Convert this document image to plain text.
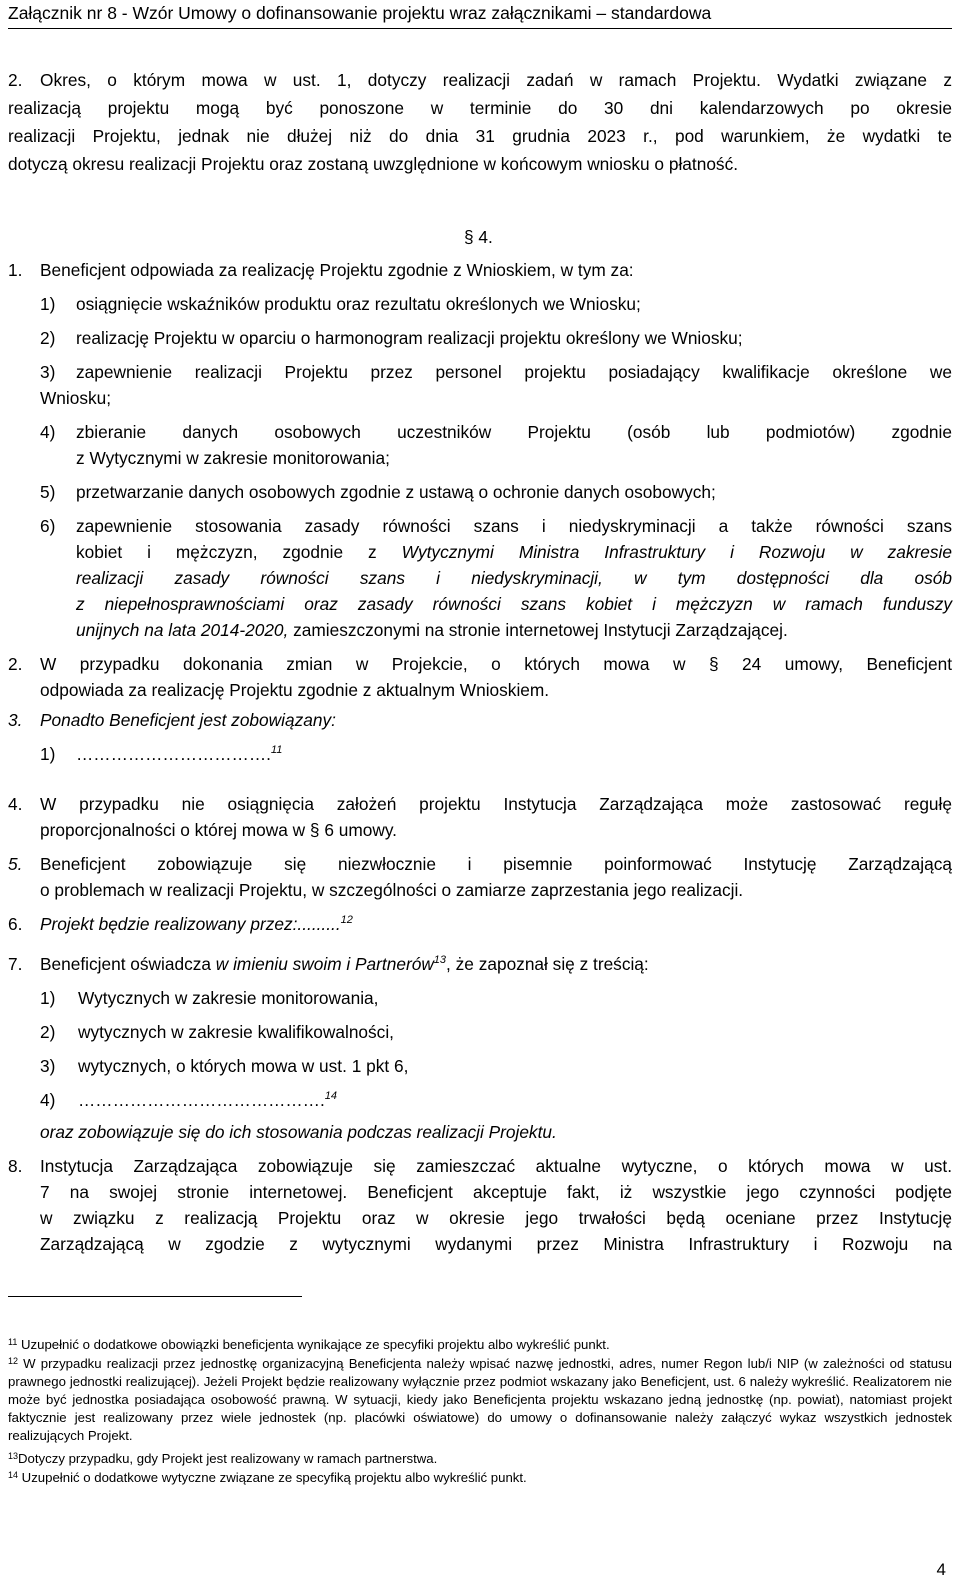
Załącznik nr 8 - Wzór Umowy o dofinansowanie projektu wraz załącznikami – standardowa
2. Okres, o którym mowa w ust. 1, dotyczy realizacji zadań w ramach Projektu. Wydatki związane z
realizacją projektu mogą być ponoszone w terminie do 30 dni kalendarzowych po okresie
realizacji Projektu, jednak nie dłużej niż do dnia 31 grudnia 2023 r., pod warunkiem, że wydatki te
dotyczą okresu realizacji Projektu oraz zostaną uwzględnione w końcowym wniosku o płatność.
§ 4.
1. Beneficjent odpowiada za realizację Projektu zgodnie z Wnioskiem, w tym za:
1) osiągnięcie wskaźników produktu oraz rezultatu określonych we Wniosku;
2) realizację Projektu w oparciu o harmonogram realizacji projektu określony we Wniosku;
3) zapewnienie realizacji Projektu przez personel projektu posiadający kwalifikacje określone we
Wniosku;
4) zbieranie danych osobowych uczestników Projektu (osób lub podmiotów) zgodnie
z Wytycznymi w zakresie monitorowania;
5) przetwarzanie danych osobowych zgodnie z ustawą o ochronie danych osobowych;
6) zapewnienie stosowania zasady równości szans i niedyskryminacji a także równości szans
kobiet i mężczyzn, zgodnie z Wytycznymi Ministra Infrastruktury i Rozwoju w zakresie
realizacji zasady równości szans i niedyskryminacji, w tym dostępności dla osób
z niepełnosprawnościami oraz zasady równości szans kobiet i mężczyzn w ramach funduszy
unijnych na lata 2014-2020, zamieszczonymi na stronie internetowej Instytucji Zarządzającej.
2. W przypadku dokonania zmian w Projekcie, o których mowa w § 24 umowy, Beneficjent
odpowiada za realizację Projektu zgodnie z aktualnym Wnioskiem.
3. Ponadto Beneficjent jest zobowiązany:
1) …………………………….$^{11}$
4. W przypadku nie osiągnięcia założeń projektu Instytucja Zarządzająca może zastosować regułę
proporcjonalności o której mowa w § 6 umowy.
5. Beneficjent zobowiązuje się niezwłocznie i pisemnie poinformować Instytucję Zarządzającą
o problemach w realizacji Projektu, w szczególności o zamiarze zaprzestania jego realizacji.
6. Projekt będzie realizowany przez:.........$^{12}$
7. Beneficjent oświadcza w imieniu swoim i Partnerów$^{13}$, że zapoznał się z treścią:
1) Wytycznych w zakresie monitorowania,
2) wytycznych w zakresie kwalifikowalności,
3) wytycznych, o których mowa w ust. 1 pkt 6,
4) …………………………………….$^{14}$
oraz zobowiązuje się do ich stosowania podczas realizacji Projektu.
8. Instytucja Zarządzająca zobowiązuje się zamieszczać aktualne wytyczne, o których mowa w ust.
7 na swojej stronie internetowej. Beneficjent akceptuje fakt, iż wszystkie jego czynności podjęte
w związku z realizacją Projektu oraz w okresie jego trwałości będą oceniane przez Instytucję
Zarządzającą w zgodzie z wytycznymi wydanymi przez Ministra Infrastruktury i Rozwoju na
$^{11}$ Uzupełnić o dodatkowe obowiązki beneficjenta wynikające ze specyfiki projektu albo wykreślić punkt.
$^{12}$ W przypadku realizacji przez jednostkę organizacyjną Beneficjenta należy wpisać nazwę jednostki, adres, numer Regon lub/i NIP (w zależności od statusu prawnego jednostki realizującej). Jeżeli Projekt będzie realizowany wyłącznie przez podmiot wskazany jako Beneficjent, ust. 6 należy wykreślić. Realizatorem nie może być jednostka posiadająca osobowość prawną. W sytuacji, kiedy jako Beneficjenta projektu wskazano jedną jednostkę (np. powiat), natomiast projekt faktycznie jest realizowany przez wiele jednostek (np. placówki oświatowe) do umowy o dofinansowanie należy załączyć wykaz wszystkich jednostek realizujących Projekt.
$^{13}$Dotyczy przypadku, gdy Projekt jest realizowany w ramach partnerstwa.
$^{14}$ Uzupełnić o dodatkowe wytyczne związane ze specyfiką projektu albo wykreślić punkt.
4
